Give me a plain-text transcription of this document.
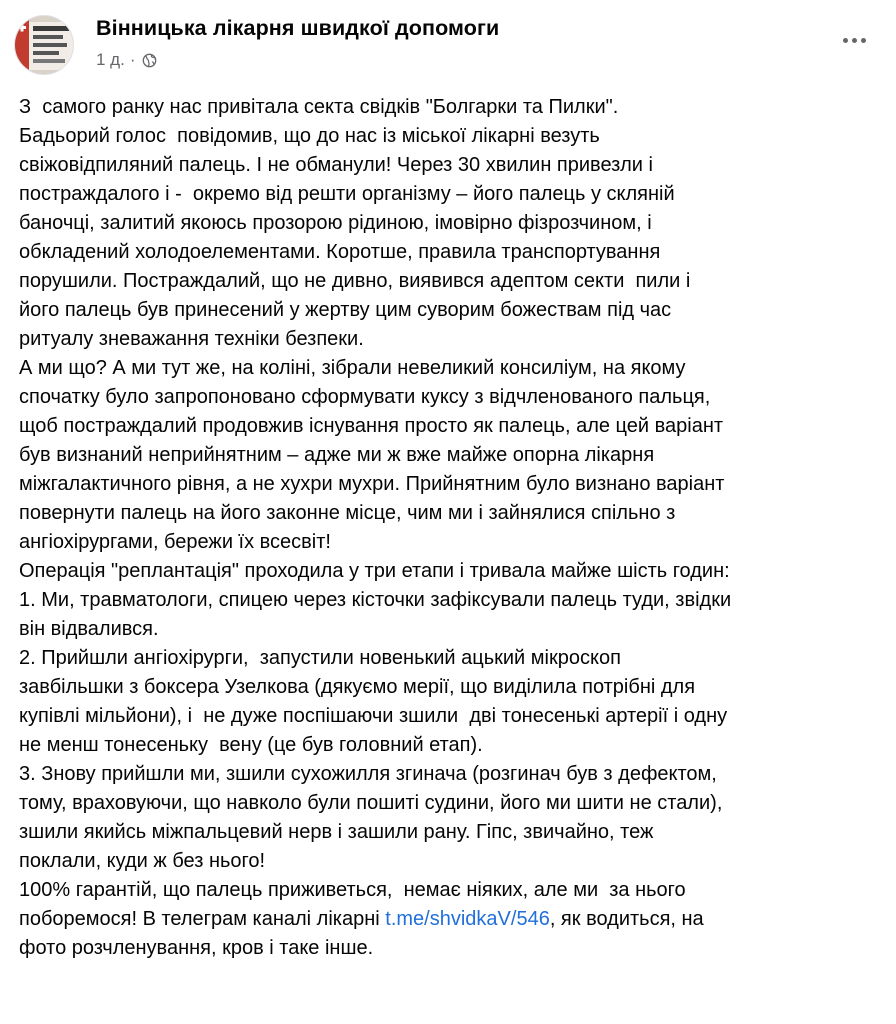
Вінницька лікарня швидкої допомоги
1 д. ·
З  самого ранку нас привітала секта свідків "Болгарки та Пилки".
Бадьорий голос  повідомив, що до нас із міської лікарні везуть
свіжовідпиляний палець. І не обманули! Через 30 хвилин привезли і
постраждалого і -  окремо від решти організму – його палець у скляній
баночці, залитий якоюсь прозорою рідиною, імовірно фізрозчином, і
обкладений холодоелементами. Коротше, правила транспортування
порушили. Постраждалий, що не дивно, виявився адептом секти  пили і
його палець був принесений у жертву цим суворим божествам під час
ритуалу зневажання техніки безпеки.
А ми що? А ми тут же, на коліні, зібрали невеликий консиліум, на якому
спочатку було запропоновано сформувати куксу з відчленованого пальця,
щоб постраждалий продовжив існування просто як палець, але цей варіант
був визнаний неприйнятним – адже ми ж вже майже опорна лікарня
міжгалактичного рівня, а не хухри мухри. Прийнятним було визнано варіант
повернути палець на його законне місце, чим ми і зайнялися спільно з
ангіохірургами, бережи їх всесвіт!
Операція "реплантація" проходила у три етапи і тривала майже шість годин:
1. Ми, травматологи, спицею через кісточки зафіксували палець туди, звідки
він відвалився.
2. Прийшли ангіохірурги,  запустили новенький ацький мікроскоп
завбільшки з боксера Узелкова (дякуємо мерії, що виділила потрібні для
купівлі мільйони), і  не дуже поспішаючи зшили  дві тонесенькі артерії і одну
не менш тонесеньку  вену (це був головний етап).
3. Знову прийшли ми, зшили сухожилля згинача (розгинач був з дефектом,
тому, враховуючи, що навколо були пошиті судини, його ми шити не стали),
зшили якийсь міжпальцевий нерв і зашили рану. Гіпс, звичайно, теж
поклали, куди ж без нього!
100% гарантій, що палець приживеться,  немає ніяких, але ми  за нього
поборемося! В телеграм каналі лікарні t.me/shvidkaV/546, як водиться, на
фото розчленування, кров і таке інше.
